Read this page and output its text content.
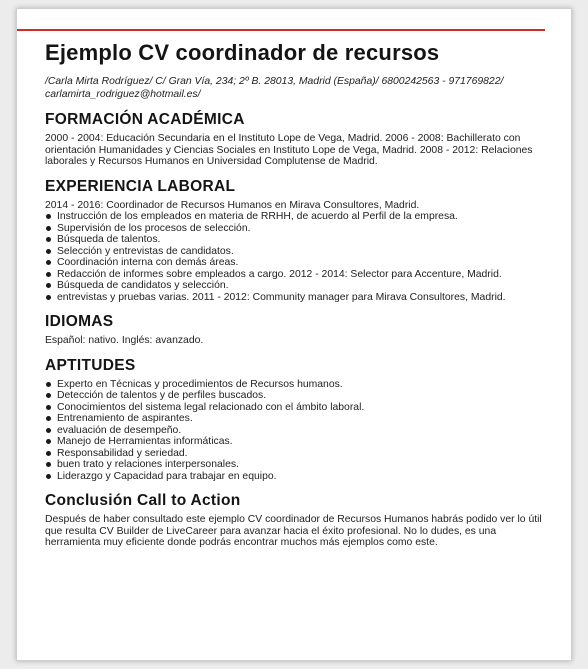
Ejemplo CV coordinador de recursos

/Carla Mirta Rodríguez/ C/ Gran Vía, 234; 2º B. 28013, Madrid (España)/ 6800242563 - 971769822/ carlamirta_rodriguez@hotmail.es/

FORMACIÓN ACADÉMICA

2000 - 2004: Educación Secundaria en el Instituto Lope de Vega, Madrid. 2006 - 2008: Bachillerato con orientación Humanidades y Ciencias Sociales en Instituto Lope de Vega, Madrid. 2008 - 2012: Relaciones laborales y Recursos Humanos en Universidad Complutense de Madrid.

EXPERIENCIA LABORAL

2014 - 2016: Coordinador de Recursos Humanos en Mirava Consultores, Madrid.

Instrucción de los empleados en materia de RRHH, de acuerdo al Perfil de la empresa.
Supervisión de los procesos de selección.
Búsqueda de talentos.
Selección y entrevistas de candidatos.
Coordinación interna con demás áreas.
Redacción de informes sobre empleados a cargo. 2012 - 2014: Selector para Accenture, Madrid.
Búsqueda de candidatos y selección.
entrevistas y pruebas varias. 2011 - 2012: Community manager para Mirava Consultores, Madrid.
IDIOMAS

Español: nativo. Inglés: avanzado.

APTITUDES
Experto en Técnicas y procedimientos de Recursos humanos.
Detección de talentos y de perfiles buscados.
Conocimientos del sistema legal relacionado con el ámbito laboral.
Entrenamiento de aspirantes.
evaluación de desempeño.
Manejo de Herramientas informáticas.
Responsabilidad y seriedad.
buen trato y relaciones interpersonales.
Liderazgo y Capacidad para trabajar en equipo.
Conclusión Call to Action

Después de haber consultado este ejemplo CV coordinador de Recursos Humanos habrás podido ver lo útil que resulta CV Builder de LiveCareer para avanzar hacia el éxito profesional. No lo dudes, es una herramienta muy eficiente donde podrás encontrar muchos más ejemplos como este.
